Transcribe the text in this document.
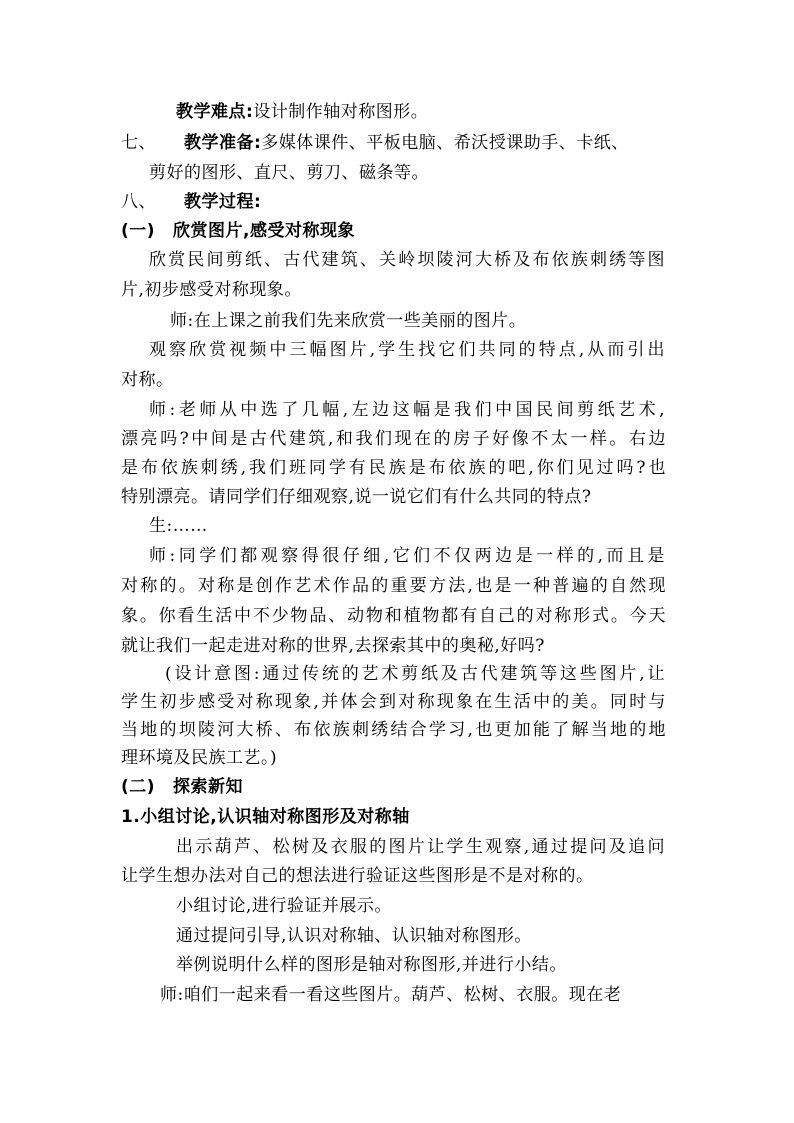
教学难点:设计制作轴对称图形。
七、 教学准备:多媒体课件、平板电脑、希沃授课助手、卡纸、
剪好的图形、直尺、剪刀、磁条等。
八、 教学过程:
(一) 欣赏图片,感受对称现象
欣赏民间剪纸、古代建筑、关岭坝陵河大桥及布依族刺绣等图
片,初步感受对称现象。
师:在上课之前我们先来欣赏一些美丽的图片。
观察欣赏视频中三幅图片,学生找它们共同的特点,从而引出
对称。
师:老师从中选了几幅,左边这幅是我们中国民间剪纸艺术,
漂亮吗?中间是古代建筑,和我们现在的房子好像不太一样。右边
是布依族刺绣,我们班同学有民族是布依族的吧,你们见过吗?也
特别漂亮。请同学们仔细观察,说一说它们有什么共同的特点?
生:……
师:同学们都观察得很仔细,它们不仅两边是一样的,而且是
对称的。对称是创作艺术作品的重要方法,也是一种普遍的自然现
象。你看生活中不少物品、动物和植物都有自己的对称形式。今天
就让我们一起走进对称的世界,去探索其中的奥秘,好吗?
(设计意图:通过传统的艺术剪纸及古代建筑等这些图片,让
学生初步感受对称现象,并体会到对称现象在生活中的美。同时与
当地的坝陵河大桥、布依族刺绣结合学习,也更加能了解当地的地
理环境及民族工艺。)
(二) 探索新知
1.小组讨论,认识轴对称图形及对称轴
出示葫芦、松树及衣服的图片让学生观察,通过提问及追问
让学生想办法对自己的想法进行验证这些图形是不是对称的。
小组讨论,进行验证并展示。
通过提问引导,认识对称轴、认识轴对称图形。
举例说明什么样的图形是轴对称图形,并进行小结。
师:咱们一起来看一看这些图片。葫芦、松树、衣服。现在老
